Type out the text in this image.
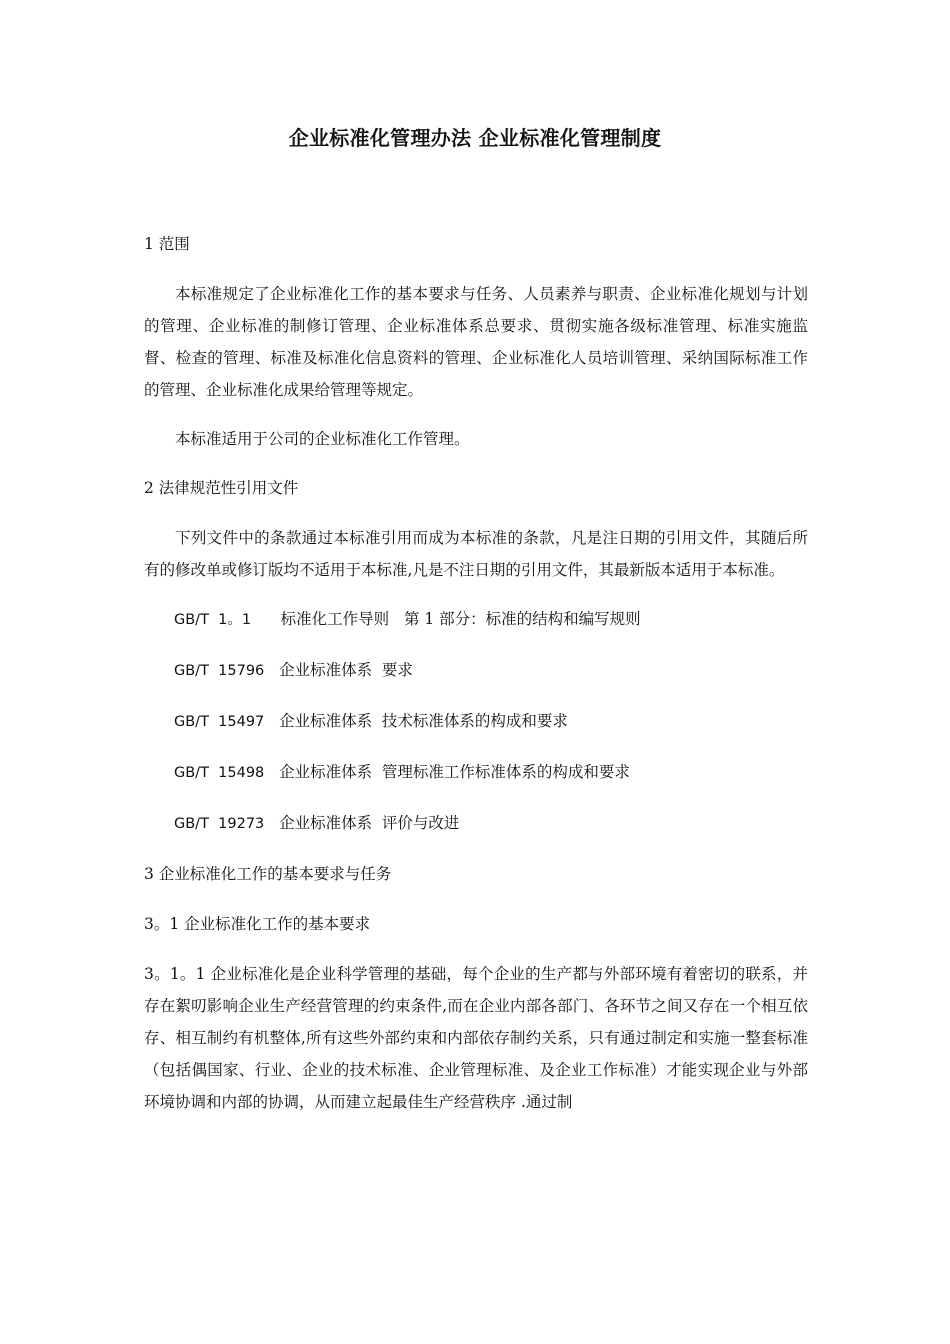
企业标准化管理办法 企业标准化管理制度

1 范围

本标准规定了企业标准化工作的基本要求与任务、人员素养与职责、企业标准化规划与计划的管理、企业标准的制修订管理、企业标准体系总要求、贯彻实施各级标准管理、标准实施监督、检查的管理、标准及标准化信息资料的管理、企业标准化人员培训管理、采纳国际标准工作的管理、企业标准化成果给管理等规定。

本标准适用于公司的企业标准化工作管理。

2 法律规范性引用文件

下列文件中的条款通过本标准引用而成为本标准的条款，凡是注日期的引用文件，其随后所有的修改单或修订版均不适用于本标准,凡是不注日期的引用文件，其最新版本适用于本标准。

GB/T  1。1 标准化工作导则   第 1 部分：标准的结构和编写规则

GB/T  15796 企业标准体系  要求

GB/T  15497 企业标准体系  技术标准体系的构成和要求

GB/T  15498 企业标准体系  管理标准工作标准体系的构成和要求

GB/T  19273 企业标准体系  评价与改进

3 企业标准化工作的基本要求与任务

3。1 企业标准化工作的基本要求

3。1。1 企业标准化是企业科学管理的基础，每个企业的生产都与外部环境有着密切的联系，并存在絮叨影响企业生产经营管理的约束条件,而在企业内部各部门、各环节之间又存在一个相互依存、相互制约有机整体,所有这些外部约束和内部依存制约关系，只有通过制定和实施一整套标准（包括偶国家、行业、企业的技术标准、企业管理标准、及企业工作标准）才能实现企业与外部环境协调和内部的协调，从而建立起最佳生产经营秩序 .通过制
